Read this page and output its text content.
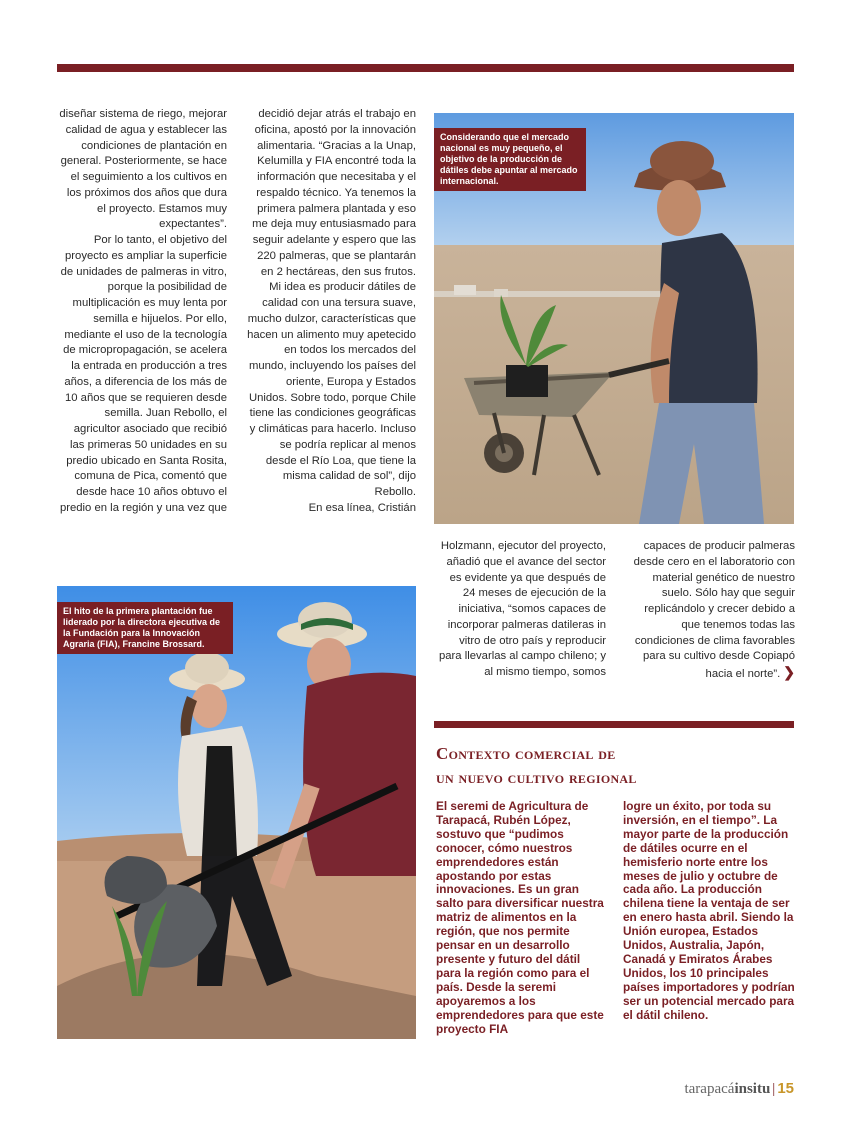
diseñar sistema de riego, mejorar calidad de agua y establecer las condiciones de plantación en general. Posteriormente, se hace el seguimiento a los cultivos en los próximos dos años que dura el proyecto. Estamos muy expectantes”.

Por lo tanto, el objetivo del proyecto es ampliar la superficie de unidades de palmeras in vitro, porque la posibilidad de multiplicación es muy lenta por semilla e hijuelos. Por ello, mediante el uso de la tecnología de micropropagación, se acelera la entrada en producción a tres años, a diferencia de los más de 10 años que se requieren desde semilla. Juan Rebollo, el agricultor asociado que recibió las primeras 50 unidades en su predio ubicado en Santa Rosita, comuna de Pica, comentó que desde hace 10 años obtuvo el predio en la región y una vez que

decidió dejar atrás el trabajo en oficina, apostó por la innovación alimentaria. “Gracias a la Unap, Kelumilla y FIA encontré toda la información que necesitaba y el respaldo técnico. Ya tenemos la primera palmera plantada y eso me deja muy entusiasmado para seguir adelante y espero que las 220 palmeras, que se plantarán en 2 hectáreas, den sus frutos. Mi idea es producir dátiles de calidad con una tersura suave, mucho dulzor, características que hacen un alimento muy apetecido en todos los mercados del mundo, incluyendo los países del oriente, Europa y Estados Unidos. Sobre todo, porque Chile tiene las condiciones geográficas y climáticas para hacerlo. Incluso se podría replicar al menos desde el Río Loa, que tiene la misma calidad de sol”, dijo Rebollo.

En esa línea, Cristián

Considerando que el mercado nacional es muy pequeño, el objetivo de la producción de dátiles debe apuntar al mercado internacional.
El hito de la primera plantación fue liderado por la directora ejecutiva de la Fundación para la Innovación Agraria (FIA), Francine Brossard.

Holzmann, ejecutor del proyecto, añadió que el avance del sector es evidente ya que después de 24 meses de ejecución de la iniciativa, “somos capaces de incorporar palmeras datileras in vitro de otro país y reproducir para llevarlas al campo chileno; y al mismo tiempo, somos

capaces de producir palmeras desde cero en el laboratorio con material genético de nuestro suelo. Sólo hay que seguir replicándolo y crecer debido a que tenemos todas las condiciones de clima favorables para su cultivo desde Copiapó hacia el norte”. ❯

Contexto comercial de
un nuevo cultivo regional

El seremi de Agricultura de Tarapacá, Rubén López, sostuvo que “pudimos conocer, cómo nuestros emprendedores están apostando por estas innovaciones. Es un gran salto para diversificar nuestra matriz de alimentos en la región, que nos permite pensar en un desarrollo presente y futuro del dátil para la región como para el país. Desde la seremi apoyaremos a los emprendedores para que este proyecto FIA

logre un éxito, por toda su inversión, en el tiempo”. La mayor parte de la producción de dátiles ocurre en el hemisferio norte entre los meses de julio y octubre de cada año. La producción chilena tiene la ventaja de ser en enero hasta abril. Siendo la Unión europea, Estados Unidos, Australia, Japón, Canadá y Emiratos Árabes Unidos, los 10 principales países importadores y podrían ser un potencial mercado para el dátil chileno.

tarapacáinsitu | 15
